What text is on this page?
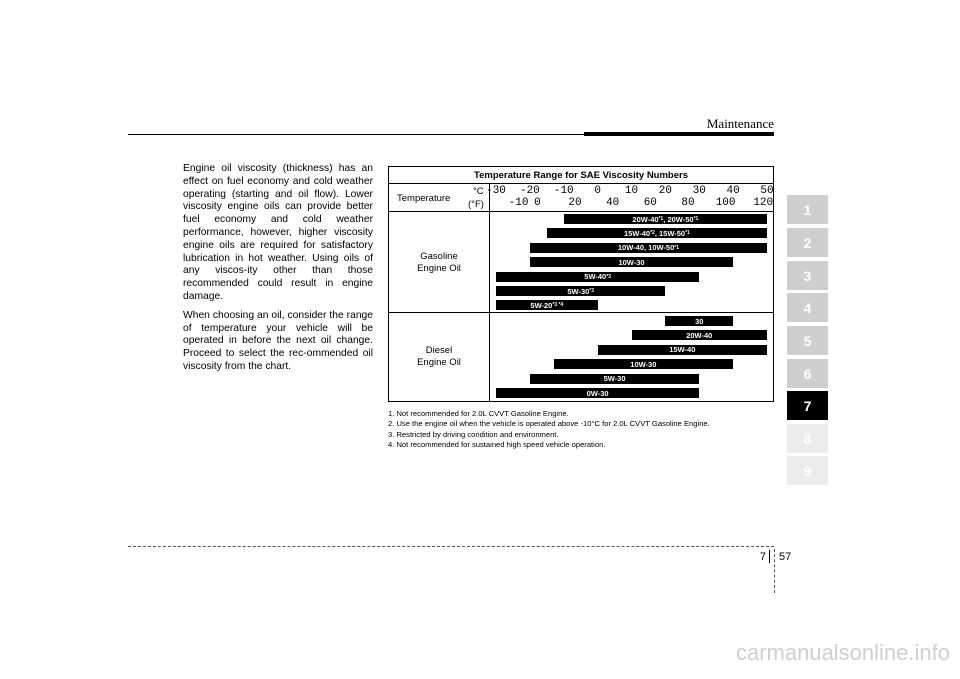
Maintenance

Engine oil viscosity (thickness) has an effect on fuel economy and cold weather operating (starting and oil flow). Lower viscosity engine oils can provide better fuel economy and cold weather performance, however, higher viscosity engine oils are required for satisfactory lubrication in hot weather. Using oils of any viscos-ity other than those recommended could result in engine damage.

When choosing an oil, consider the range of temperature your vehicle will be operated in before the next oil change. Proceed to select the rec-ommended oil viscosity from the chart.

1
2
3
4
5
6
7
8
9
Temperature Range for SAE Viscosity Numbers
Temperature
°C
(°F)
Gasoline
Engine Oil
Diesel
Engine Oil
-30 -20 -10 0 10 20 30 40 50
-10 0	20 40 60 80 100 120
20W-40 *1 , 20W-50 *1
15W-40 *2 , 15W-50 *1
10W-40, 10W-50 *1
10W-30
5W-40 *3
5W-30 *3
5W-20 *3 *4
30
20W-40
15W-40
10W-30
5W-30
0W-30
1. Not recommended for 2.0L CVVT Gasoline Engine.
2. Use the engine oil when the vehicle is operated above -10°C for 2.0L CVVT Gasoline Engine.
3. Restricted by driving condition and environment.
4. Not recommended for sustained high speed vehicle operation.
7 57
carmanualsonline.info
